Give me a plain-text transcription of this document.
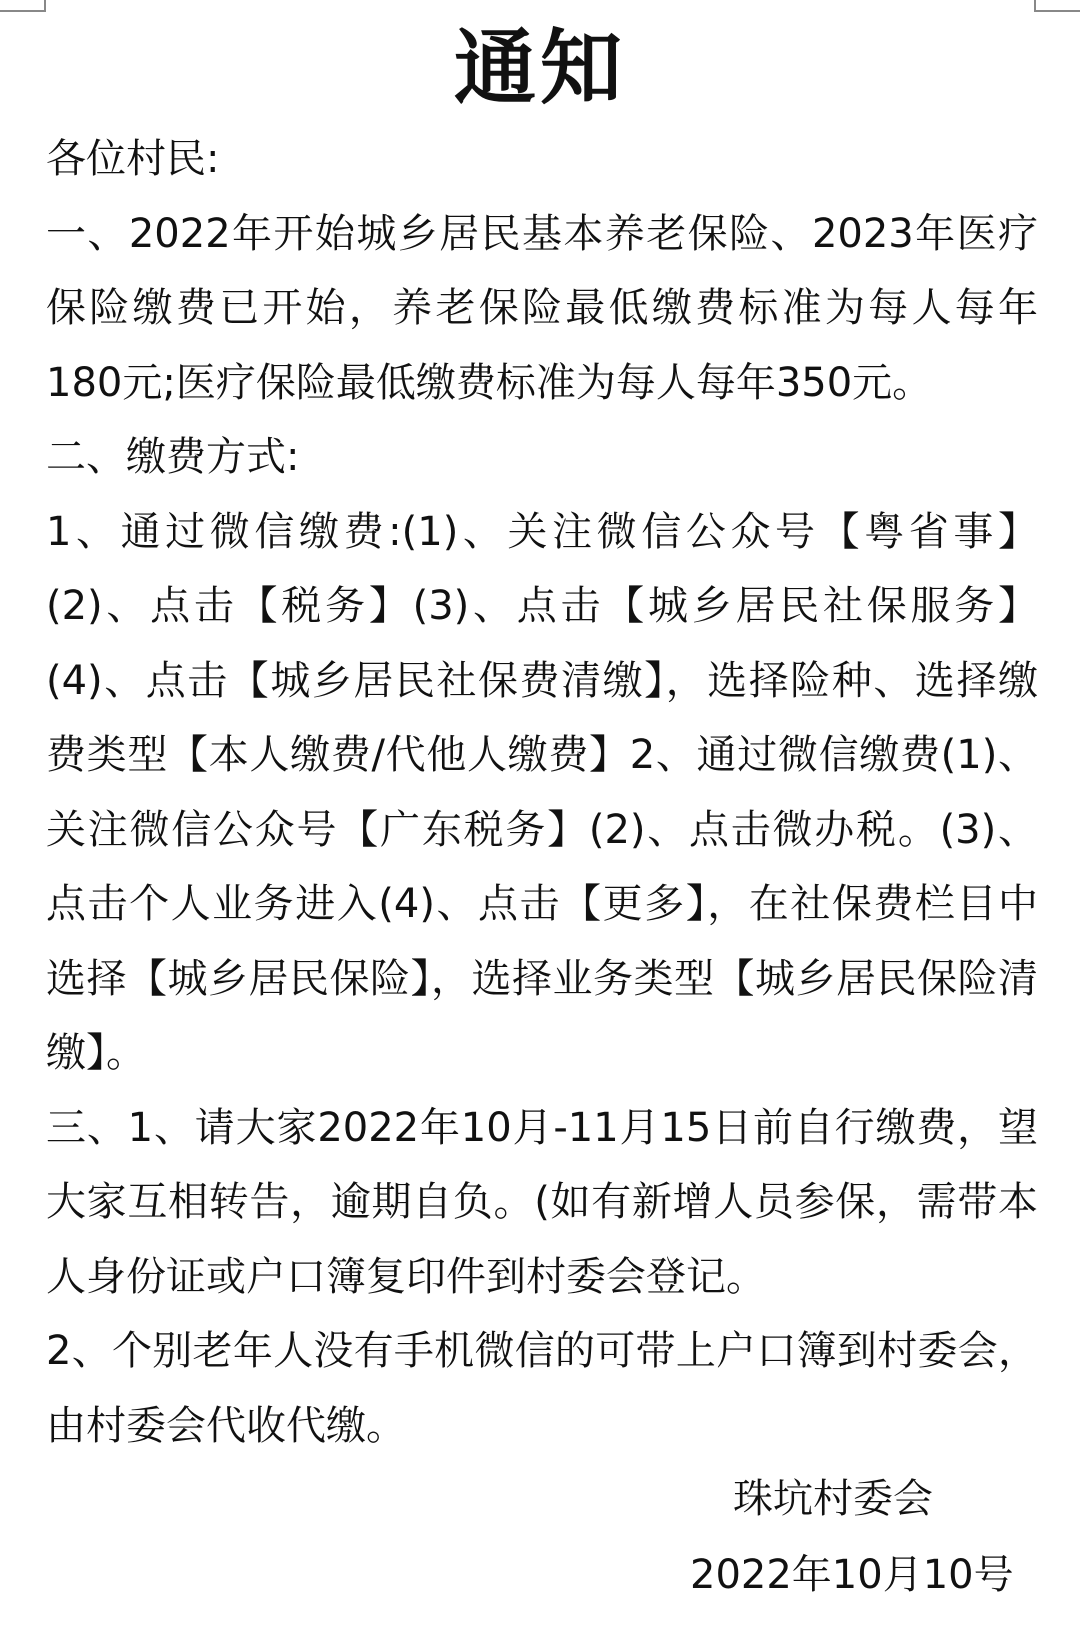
通知

各位村民:

一、2022年开始城乡居民基本养老保险、2023年医疗保险缴费已开始，养老保险最低缴费标准为每人每年180元;医疗保险最低缴费标准为每人每年350元。

二、缴费方式:

1、通过微信缴费:(1)、关注微信公众号【粤省事】(2)、点击【税务】(3)、点击【城乡居民社保服务】(4)、点击【城乡居民社保费清缴】，选择险种、选择缴费类型【本人缴费/代他人缴费】2、通过微信缴费(1)、关注微信公众号【广东税务】(2)、点击微办税。(3)、点击个人业务进入(4)、点击【更多】，在社保费栏目中选择【城乡居民保险】，选择业务类型【城乡居民保险清缴】。

三、1、请大家2022年10月-11月15日前自行缴费，望大家互相转告，逾期自负。(如有新增人员参保，需带本人身份证或户口簿复印件到村委会登记。

2、个别老年人没有手机微信的可带上户口簿到村委会，由村委会代收代缴。

珠坑村委会
2022年10月10号
